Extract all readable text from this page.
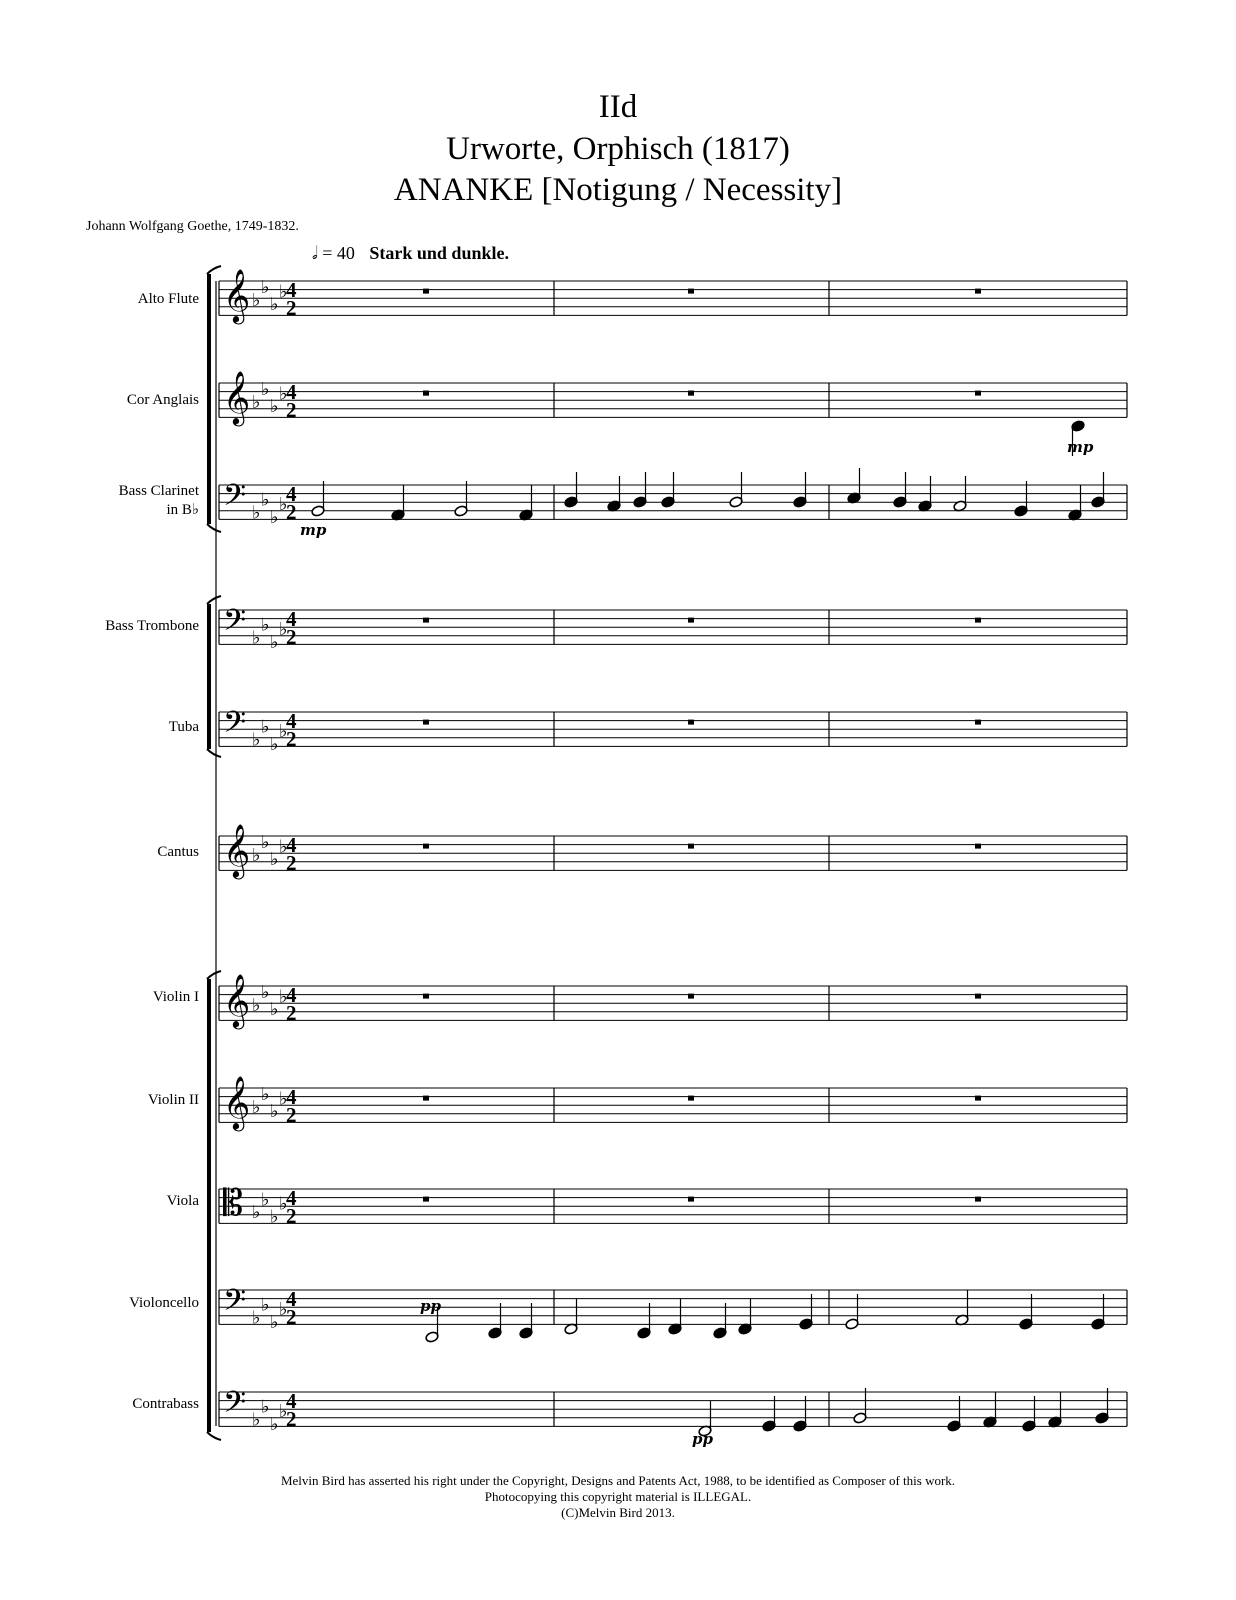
IId
Urworte, Orphisch (1817)
ANANKE [Notigung / Necessity]
Johann Wolfgang Goethe, 1749-1832.
𝅗𝅥 = 40 Stark und dunkle.
Alto Flute
Cor Anglais
Bass Clarinet
in B♭
Bass Trombone
Tuba
Cantus
Violin I
Violin II
Viola
Violoncello
Contrabass
𝄞 ♭
♭
♭
♭
4
2
𝄞 ♭
♭
♭
♭
4
2
𝄢 ♭
♭
♭
♭
4
2
𝄢 ♭
♭
♭
♭
4
2
𝄢 ♭
♭
♭
♭
4
2
𝄞 ♭
♭
♭
♭
4
2
𝄞 ♭
♭
♭
♭
4
2
𝄞 ♭
♭
♭
♭
4
2
𝄡 ♭
♭
♭
♭
4
2
𝄢 ♭
♭
♭
♭
4
2
𝄢 ♭
♭
♭
♭
4
2
mp
mp
pp
pp
Melvin Bird has asserted his right under the Copyright, Designs and Patents Act, 1988, to be identified as Composer of this work.
Photocopying this copyright material is ILLEGAL.
(C)Melvin Bird 2013.
